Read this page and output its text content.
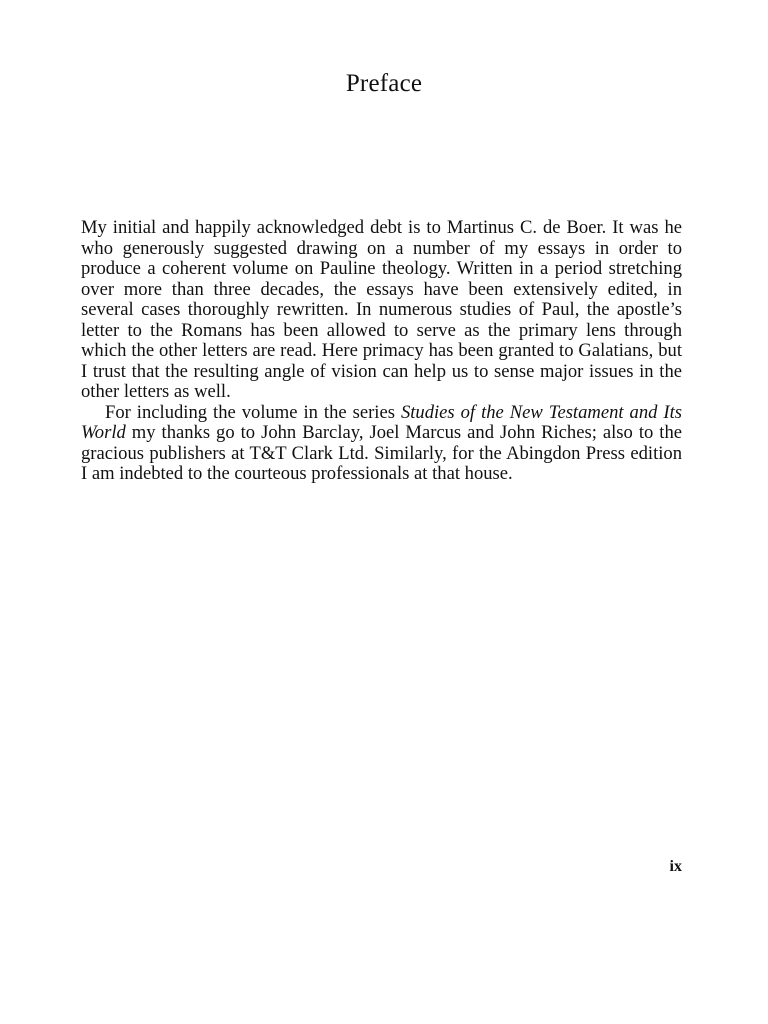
Preface

My initial and happily acknowledged debt is to Martinus C. de Boer. It was he who generously suggested drawing on a number of my essays in order to produce a coherent volume on Pauline theology. Written in a period stretching over more than three decades, the essays have been extensively edited, in several cases thoroughly rewritten. In numerous studies of Paul, the apostle’s letter to the Romans has been allowed to serve as the primary lens through which the other letters are read. Here primacy has been granted to Galatians, but I trust that the resulting angle of vision can help us to sense major issues in the other letters as well.

For including the volume in the series Studies of the New Testament and Its World my thanks go to John Barclay, Joel Marcus and John Riches; also to the gracious publishers at T&T Clark Ltd. Similarly, for the Abingdon Press edition I am indebted to the courteous professionals at that house.

ix
